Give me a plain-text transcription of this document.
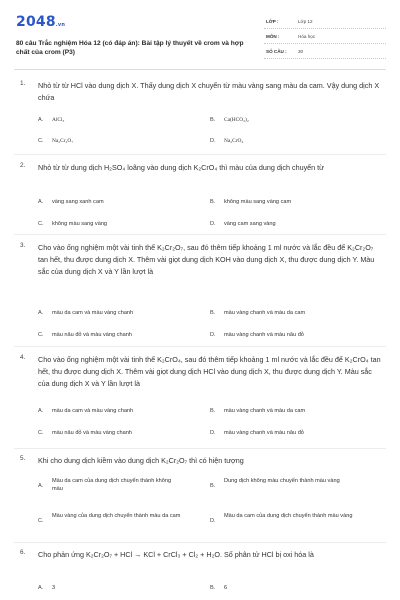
2048.vn
80 câu Trắc nghiệm Hóa 12 (có đáp án): Bài tập lý thuyết về crom và hợp chất của crom (P3)
LỚP :	Lớp 12
MÔN :	Hóa học
SỐ CÂU : 30
1. Nhỏ từ từ HCl vào dung dịch X. Thấy dung dịch X chuyển từ màu vàng sang màu da cam. Vậy dung dịch X chứa
A. AlCl₃	B. Ca(HCO₃)₂
C. Na₂Cr₂O₇	D. Na₂CrO₄
2. Nhỏ từ từ dung dịch H₂SO₄ loãng vào dung dịch K₂CrO₄ thì màu của dung dịch chuyển từ
A. vàng sang xanh cam	B. không màu sang vàng cam
C. không màu sang vàng	D. vàng cam sang vàng
3. Cho vào ống nghiệm một vài tinh thể K₂Cr₂O₇, sau đó thêm tiếp khoảng 1 ml nước và lắc đều để K₂Cr₂O₇ tan hết, thu được dung dịch X. Thêm vài giọt dung dịch KOH vào dung dịch X, thu được dung dịch Y. Màu sắc của dung dịch X và Y lần lượt là
A. màu da cam và màu vàng chanh	B. màu vàng chanh và màu da cam
C. màu nâu đỏ và màu vàng chanh	D. màu vàng chanh và màu nâu đỏ
4. Cho vào ống nghiệm một vài tinh thể K₂CrO₄, sau đó thêm tiếp khoảng 1 ml nước và lắc đều để K₂CrO₄ tan hết, thu được dung dịch X. Thêm vài giọt dung dịch HCl vào dung dịch X, thu được dung dịch Y. Màu sắc của dung dịch X và Y lần lượt là
A. màu da cam và màu vàng chanh	B. màu vàng chanh và màu da cam
C. màu nâu đỏ và màu vàng chanh	D. màu vàng chanh và màu nâu đỏ
5. Khi cho dung dịch kiềm vào dung dịch K₂Cr₂O₇ thì có hiện tượng
A.
Màu da cam của dung dịch chuyển thành không màu	B.
Dung dịch không màu chuyển thành màu vàng
C.
Màu vàng của dung dịch chuyển thành màu da cam
D.
Màu da cam của dung dịch chuyển thành màu vàng
6. Cho phản ứng K₂Cr₂O₇ + HCl → KCl + CrCl₃ + Cl₂ + H₂O. Số phân tử HCl bị oxi hóa là
A. 3	B. 6
